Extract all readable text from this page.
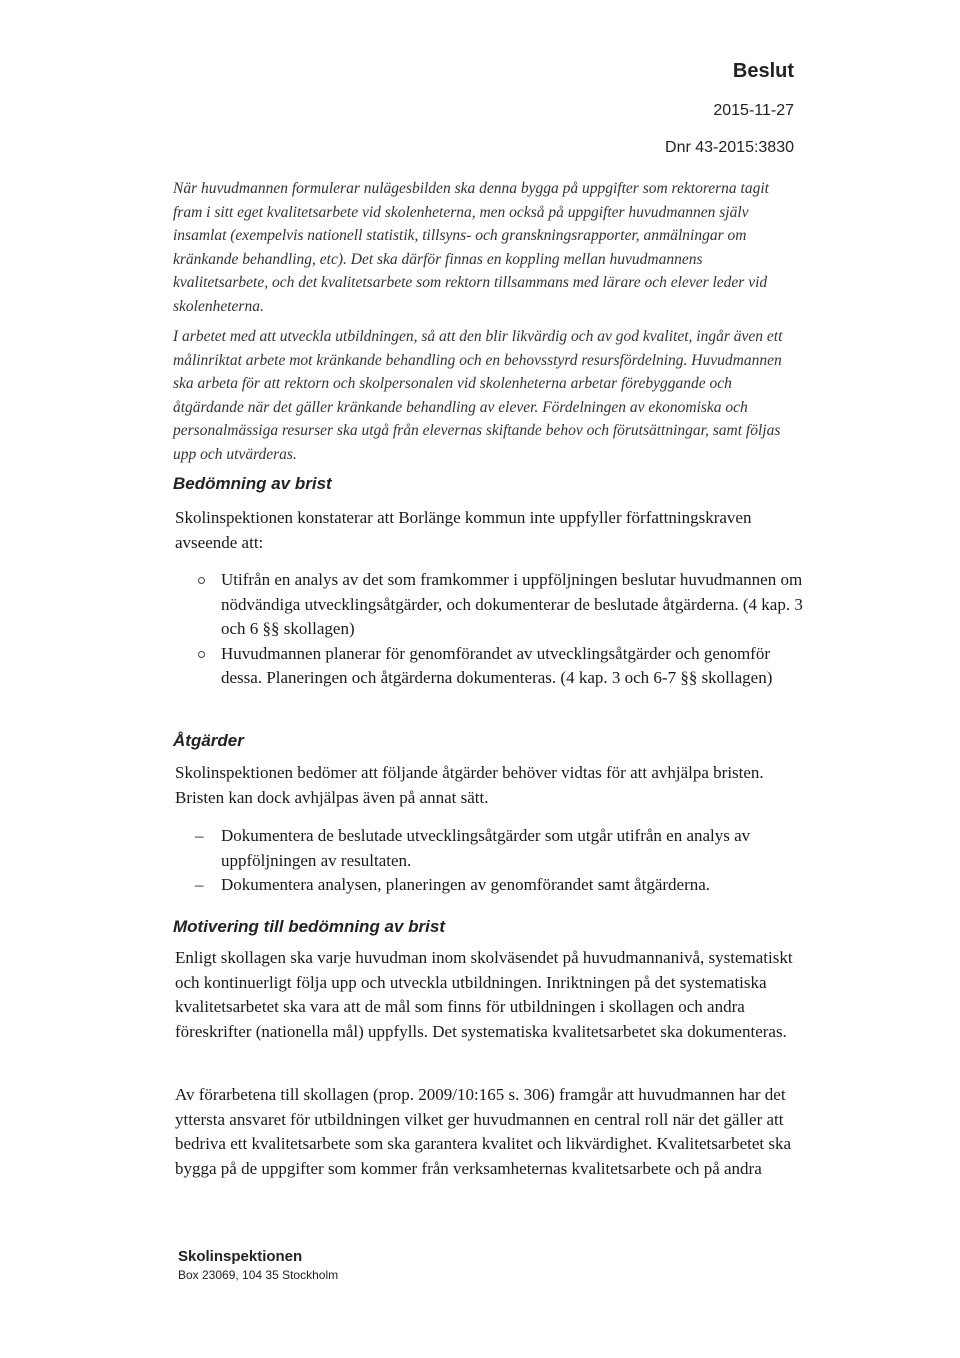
Beslut
2015-11-27
Dnr 43-2015:3830

När huvudmannen formulerar nulägesbilden ska denna bygga på uppgifter som rektorerna tagit fram i sitt eget kvalitetsarbete vid skolenheterna, men också på uppgifter huvudmannen själv insamlat (exempelvis nationell statistik, tillsyns- och granskningsrapporter, anmälningar om kränkande behandling, etc). Det ska därför finnas en koppling mellan huvudmannens kvalitetsarbete, och det kvalitetsarbete som rektorn tillsammans med lärare och elever leder vid skolenheterna.

I arbetet med att utveckla utbildningen, så att den blir likvärdig och av god kvalitet, ingår även ett målinriktat arbete mot kränkande behandling och en behovsstyrd resursfördelning. Huvudmannen ska arbeta för att rektorn och skolpersonalen vid skolenheterna arbetar förebyggande och åtgärdande när det gäller kränkande behandling av elever. Fördelningen av ekonomiska och personalmässiga resurser ska utgå från elevernas skiftande behov och förutsättningar, samt följas upp och utvärderas.

Bedömning av brist

Skolinspektionen konstaterar att Borlänge kommun inte uppfyller författningskraven avseende att:

Utifrån en analys av det som framkommer i uppföljningen beslutar huvudmannen om nödvändiga utvecklingsåtgärder, och dokumenterar de beslutade åtgärderna. (4 kap. 3 och 6 §§ skollagen)
Huvudmannen planerar för genomförandet av utvecklingsåtgärder och genomför dessa. Planeringen och åtgärderna dokumenteras. (4 kap. 3 och 6-7 §§ skollagen)
Åtgärder

Skolinspektionen bedömer att följande åtgärder behöver vidtas för att avhjälpa bristen. Bristen kan dock avhjälpas även på annat sätt.

– Dokumentera de beslutade utvecklingsåtgärder som utgår utifrån en analys av uppföljningen av resultaten.
– Dokumentera analysen, planeringen av genomförandet samt åtgärderna.
Motivering till bedömning av brist

Enligt skollagen ska varje huvudman inom skolväsendet på huvudmannanivå, systematiskt och kontinuerligt följa upp och utveckla utbildningen. Inriktningen på det systematiska kvalitetsarbetet ska vara att de mål som finns för utbildningen i skollagen och andra föreskrifter (nationella mål) uppfylls. Det systematiska kvalitetsarbetet ska dokumenteras.

Av förarbetena till skollagen (prop. 2009/10:165 s. 306) framgår att huvudmannen har det yttersta ansvaret för utbildningen vilket ger huvudmannen en central roll när det gäller att bedriva ett kvalitetsarbete som ska garantera kvalitet och likvärdighet. Kvalitetsarbetet ska bygga på de uppgifter som kommer från verksamheternas kvalitetsarbete och på andra

Skolinspektionen
Box 23069, 104 35 Stockholm
